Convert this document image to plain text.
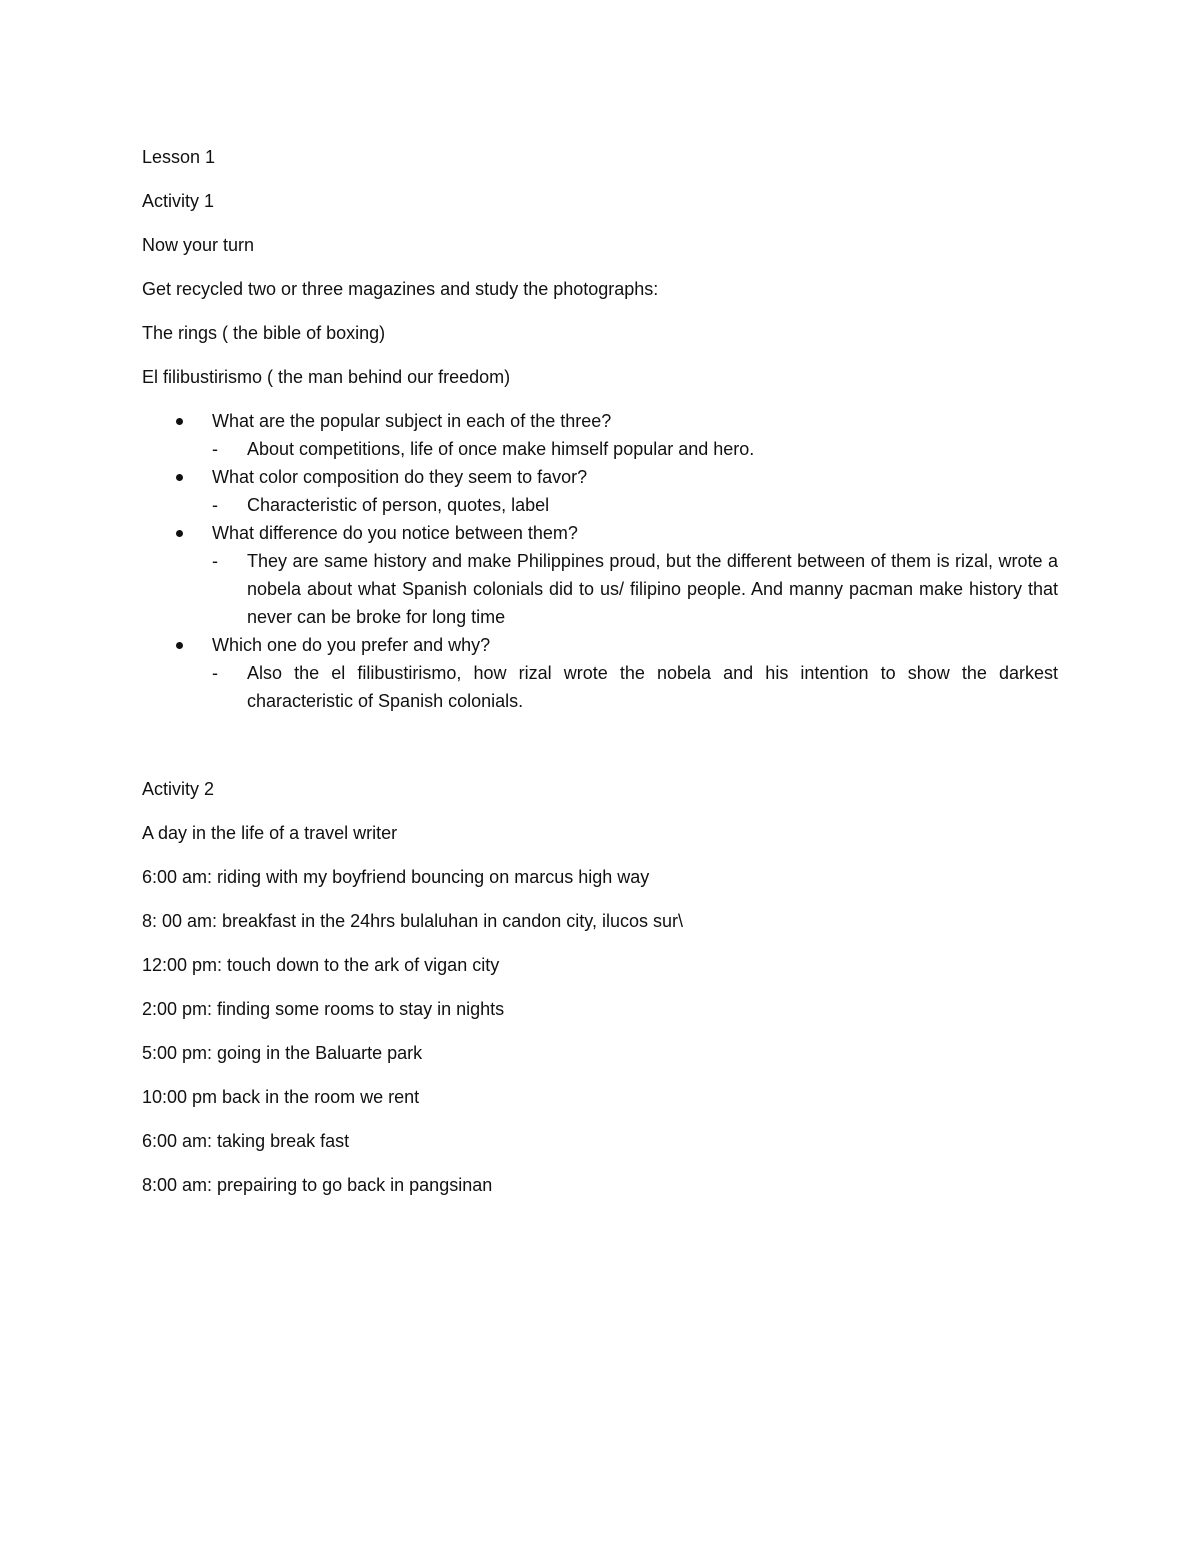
Lesson 1

Activity 1

Now your turn

Get recycled two or three magazines and study the photographs:

The rings ( the bible of boxing)

El filibustirismo ( the man behind our freedom)

What are the popular subject in each of the three?
- About competitions, life of once make himself popular and hero.
What color composition do they seem to favor?
- Characteristic of person, quotes, label
What difference do you notice between them?
- They are same history and make Philippines proud, but the different between of them is rizal, wrote a nobela about what Spanish colonials did to us/ filipino people. And manny pacman make history that never can be broke for long time
Which one do you prefer and why?
- Also the el filibustirismo, how rizal wrote the nobela and his intention to show the darkest characteristic of Spanish colonials.

Activity 2

A day in the life of a travel writer

6:00 am: riding with my boyfriend bouncing on marcus high way

8: 00 am: breakfast in the 24hrs bulaluhan in candon city, ilucos sur\

12:00 pm: touch down to the ark of vigan city

2:00 pm: finding some rooms to stay in nights

5:00 pm: going in the Baluarte park

10:00 pm back in the room we rent

6:00 am: taking break fast

8:00 am: prepairing to go back in pangsinan
